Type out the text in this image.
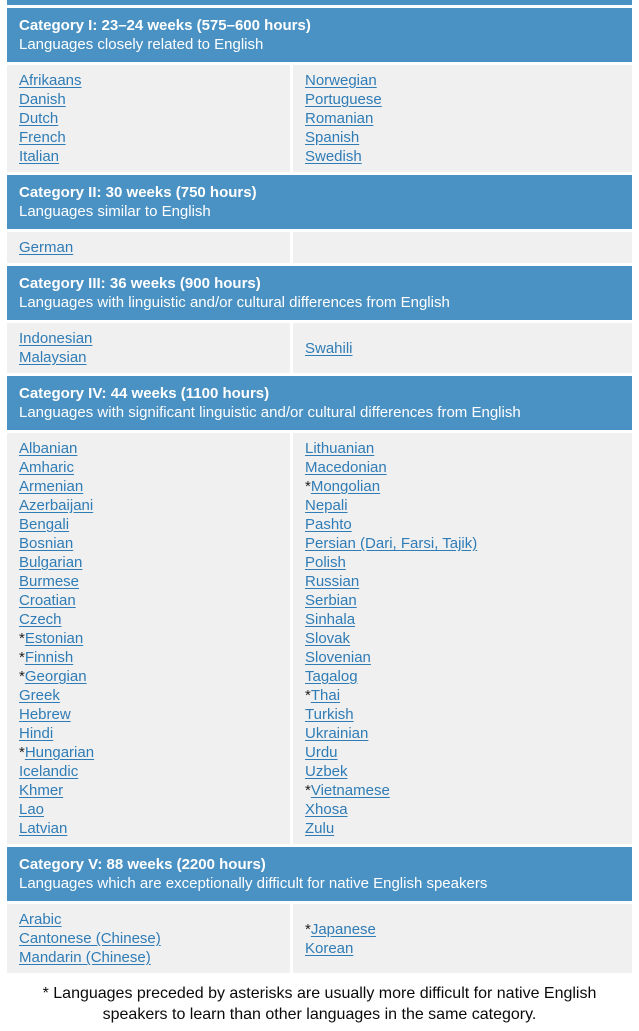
Category I: 23–24 weeks (575–600 hours)
Languages closely related to English	

Afrikaans
Danish
Dutch
French
Italian

Norwegian
Portuguese
Romanian
Spanish
Swedish

Category II: 30 weeks (750 hours)
Languages similar to English	

German	

Category III: 36 weeks (900 hours)
Languages with linguistic and/or cultural differences from English	

Indonesian
Malaysian	Swahili

Category IV: 44 weeks (1100 hours)
Languages with significant linguistic and/or cultural differences from English	

Albanian
Amharic
Armenian
Azerbaijani
Bengali
Bosnian
Bulgarian
Burmese
Croatian
Czech
*Estonian
*Finnish
*Georgian
Greek
Hebrew
Hindi
*Hungarian
Icelandic
Khmer
Lao
Latvian

Lithuanian
Macedonian
*Mongolian
Nepali
Pashto
Persian (Dari, Farsi, Tajik)
Polish
Russian
Serbian
Sinhala
Slovak
Slovenian
Tagalog
*Thai
Turkish
Ukrainian
Urdu
Uzbek
*Vietnamese
Xhosa
Zulu

Category V: 88 weeks (2200 hours)
Languages which are exceptionally difficult for native English speakers	

Arabic
Cantonese (Chinese)
Mandarin (Chinese)

*Japanese
Korean
* Languages preceded by asterisks are usually more difficult for native English speakers to learn than other languages in the same category.
